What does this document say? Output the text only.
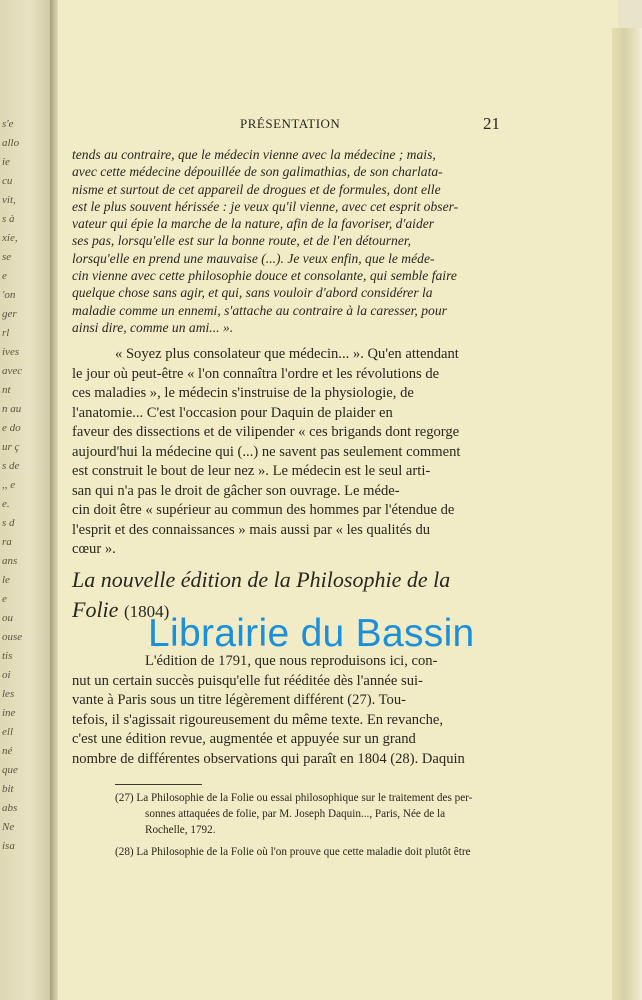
s'e
allo
ie
cu
vit,
s à
xie,
se
e
'on
ger
rl
ives
avec
nt
n au
e do
ur ç
s de
,, e
e.
s d
ra
ans
le
e
ou
ouse
tis
oi
les
ine
ell
né
que
bit
abs
Ne
isa
PRÉSENTATION	21
tends au contraire, que le médecin vienne avec la médecine ; mais,
avec cette médecine dépouillée de son galimathias, de son charlata-
nisme et surtout de cet appareil de drogues et de formules, dont elle
est le plus souvent hérissée : je veux qu'il vienne, avec cet esprit obser-
vateur qui épie la marche de la nature, afin de la favoriser, d'aider
ses pas, lorsqu'elle est sur la bonne route, et de l'en détourner,
lorsqu'elle en prend une mauvaise (...). Je veux enfin, que le méde-
cin vienne avec cette philosophie douce et consolante, qui semble faire
quelque chose sans agir, et qui, sans vouloir d'abord considérer la
maladie comme un ennemi, s'attache au contraire à la caresser, pour
ainsi dire, comme un ami... ».
« Soyez plus consolateur que médecin... ». Qu'en attendant
le jour où peut-être « l'on connaîtra l'ordre et les révolutions de
ces maladies », le médecin s'instruise de la physiologie, de
l'anatomie... C'est l'occasion pour Daquin de plaider en
faveur des dissections et de vilipender « ces brigands dont regorge
aujourd'hui la médecine qui (...) ne savent pas seulement comment
est construit le bout de leur nez ». Le médecin est le seul arti-
san qui n'a pas le droit de gâcher son ouvrage. Le méde-
cin doit être « supérieur au commun des hommes par l'étendue de
l'esprit et des connaissances » mais aussi par « les qualités du
cœur ».
La nouvelle édition de la Philosophie de la
Folie (1804)
L'édition de 1791, que nous reproduisons ici, con-
nut un certain succès puisqu'elle fut rééditée dès l'année sui-
vante à Paris sous un titre légèrement différent (27). Tou-
tefois, il s'agissait rigoureusement du même texte. En revanche,
c'est une édition revue, augmentée et appuyée sur un grand
nombre de différentes observations qui paraît en 1804 (28). Daquin
(27) La Philosophie de la Folie ou essai philosophique sur le traitement des per-
sonnes attaquées de folie, par M. Joseph Daquin..., Paris, Née de la
Rochelle, 1792.
(28) La Philosophie de la Folie où l'on prouve que cette maladie doit plutôt être
Librairie du Bassin
